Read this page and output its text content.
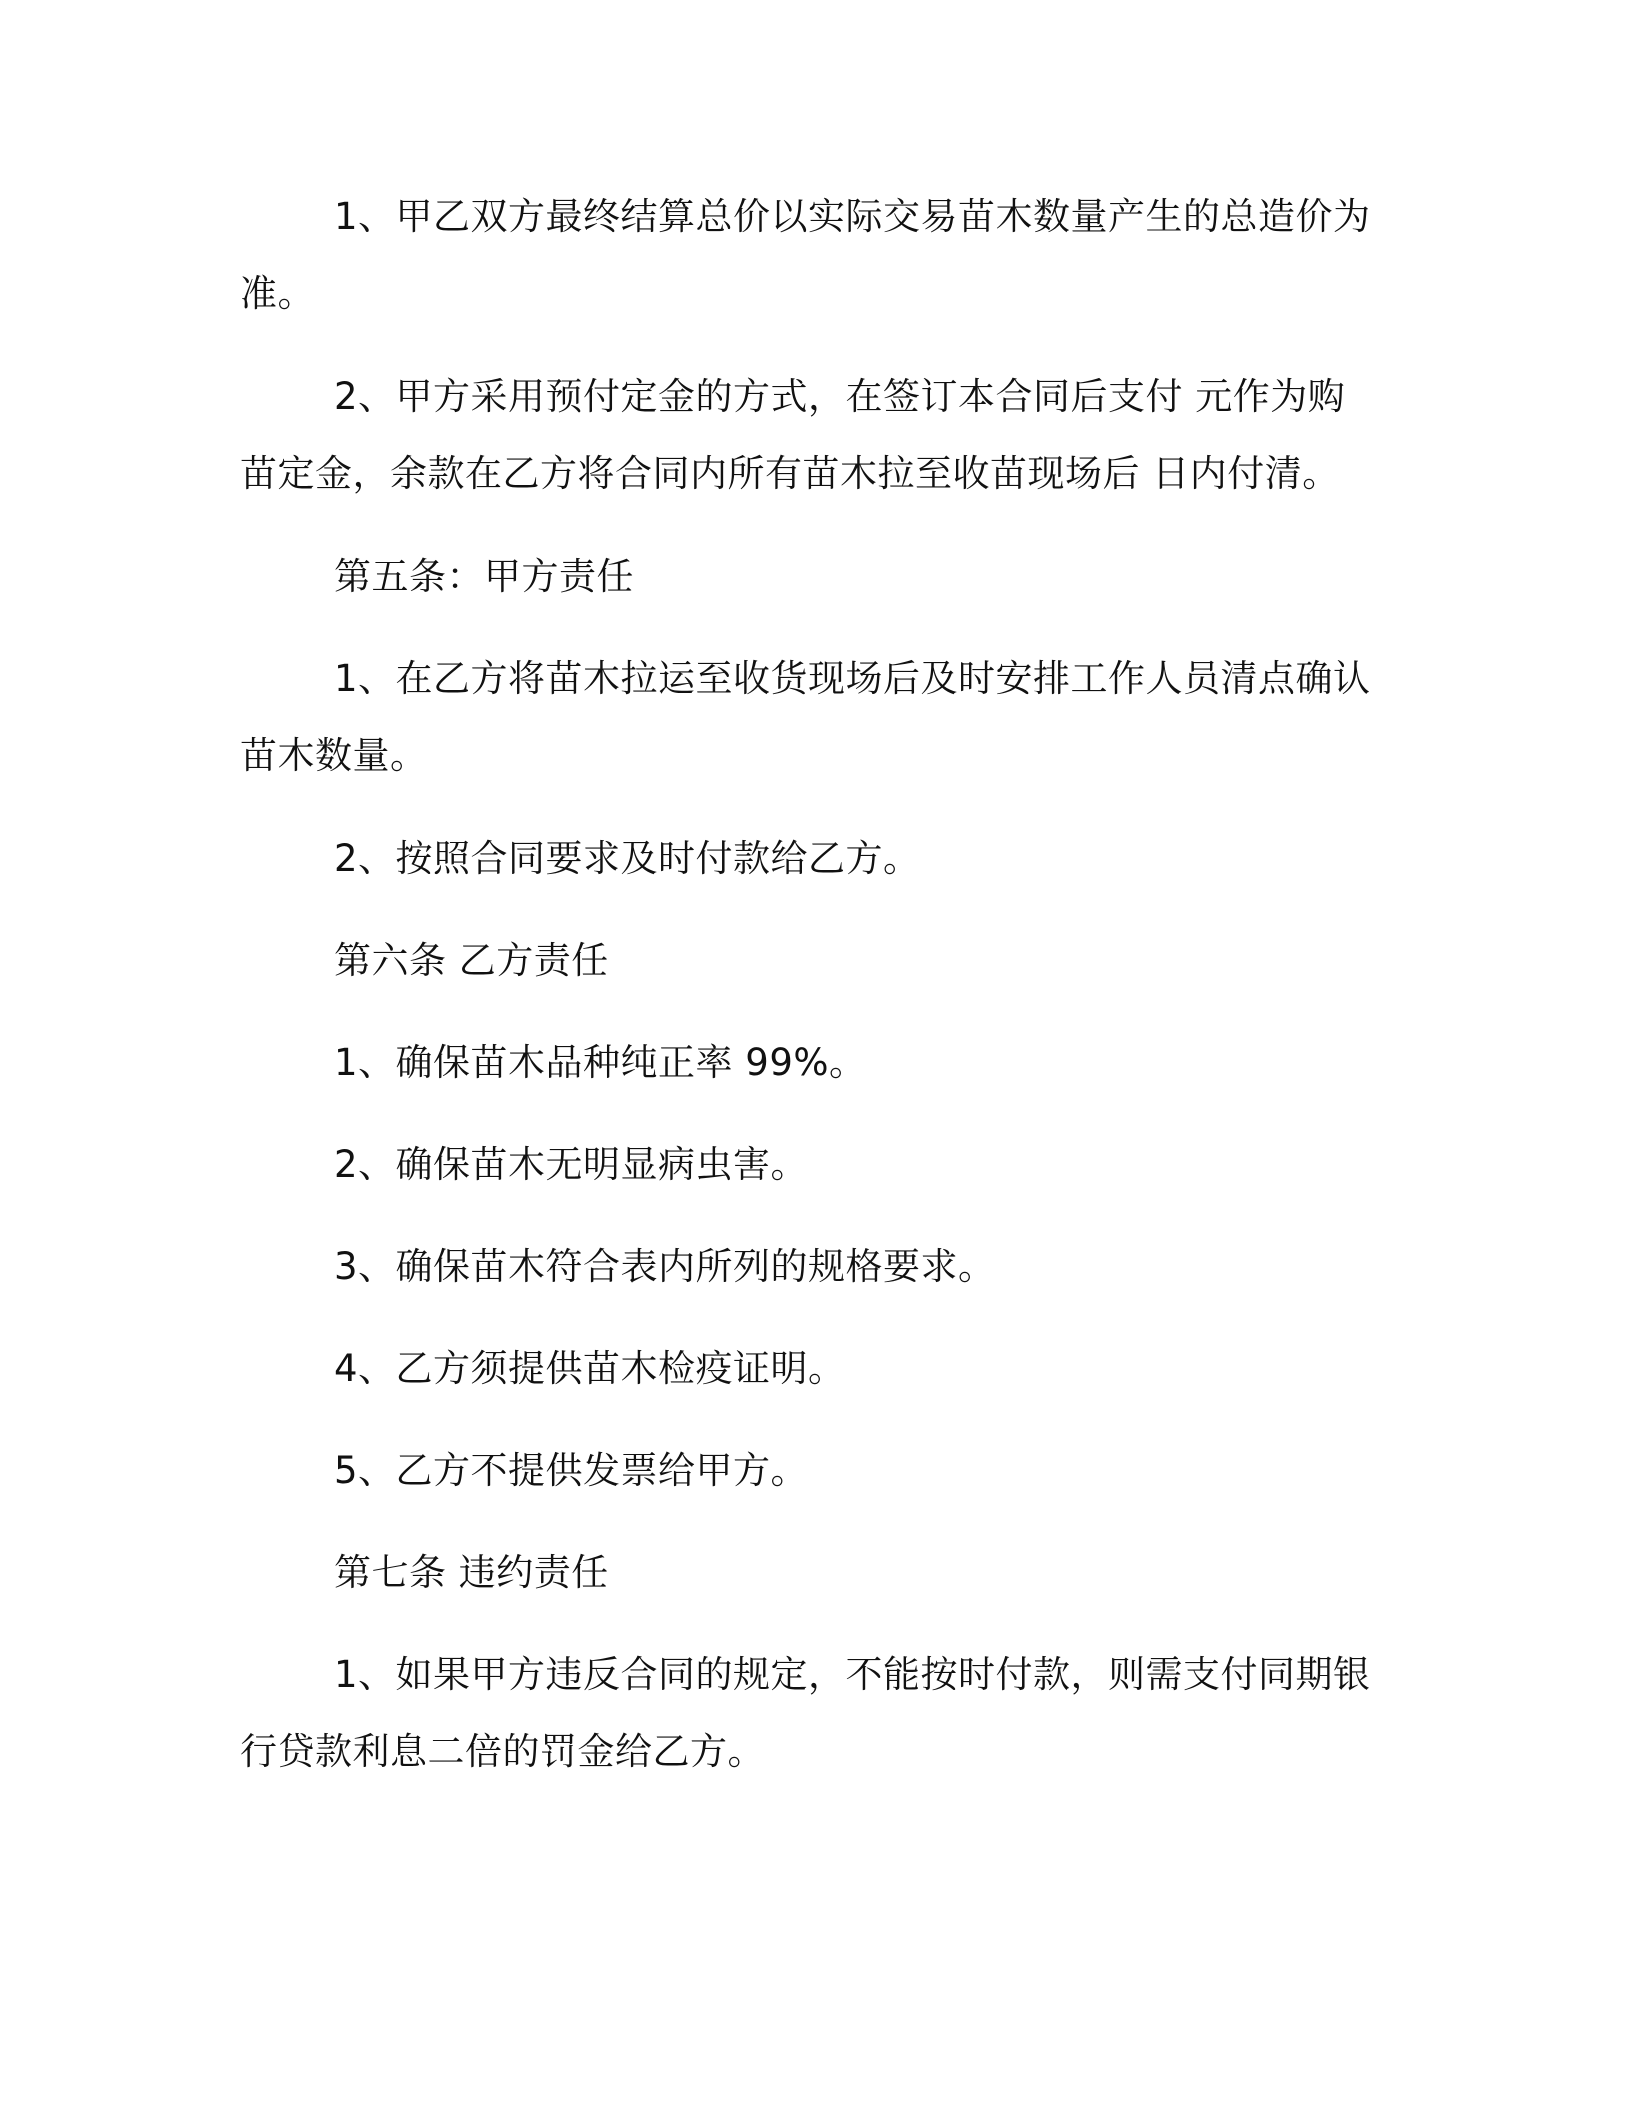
1、甲乙双方最终结算总价以实际交易苗木数量产生的总造价为准。

2、甲方采用预付定金的方式，在签订本合同后支付 元作为购苗定金，余款在乙方将合同内所有苗木拉至收苗现场后 日内付清。

第五条：甲方责任

1、在乙方将苗木拉运至收货现场后及时安排工作人员清点确认苗木数量。

2、按照合同要求及时付款给乙方。

第六条 乙方责任

1、确保苗木品种纯正率 99%。

2、确保苗木无明显病虫害。

3、确保苗木符合表内所列的规格要求。

4、乙方须提供苗木检疫证明。

5、乙方不提供发票给甲方。

第七条 违约责任

1、如果甲方违反合同的规定，不能按时付款，则需支付同期银行贷款利息二倍的罚金给乙方。
